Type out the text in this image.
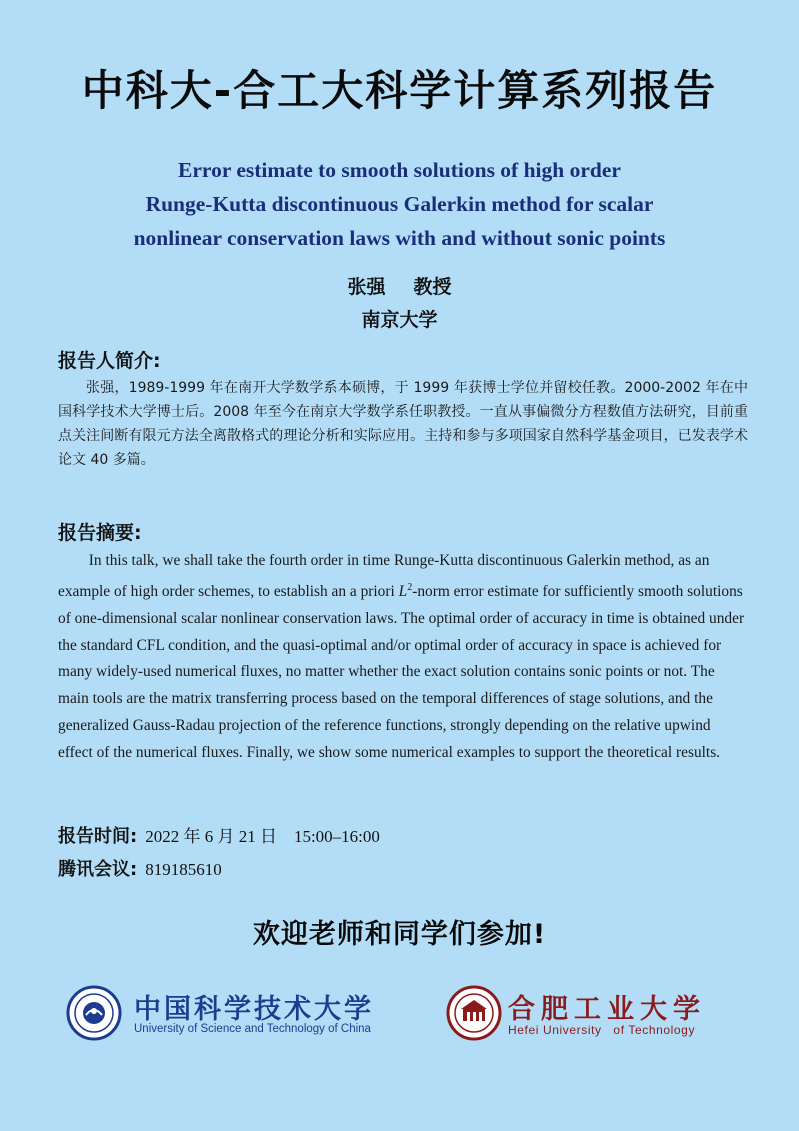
中科大-合工大科学计算系列报告
Error estimate to smooth solutions of high order
Runge-Kutta discontinuous Galerkin method for scalar
nonlinear conservation laws with and without sonic points
张强 教授
南京大学
报告人简介:

张强，1989-1999 年在南开大学数学系本硕博，于 1999 年获博士学位并留校任教。2000-2002 年在中国科学技术大学博士后。2008 年至今在南京大学数学系任职教授。一直从事偏微分方程数值方法研究，目前重点关注间断有限元方法全离散格式的理论分析和实际应用。主持和参与多项国家自然科学基金项目，已发表学术论文 40 多篇。

报告摘要:

In this talk, we shall take the fourth order in time Runge-Kutta discontinuous Galerkin method, as an example of high order schemes, to establish an a priori $L^2$-norm error estimate for sufficiently smooth solutions of one-dimensional scalar nonlinear conservation laws. The optimal order of accuracy in time is obtained under the standard CFL condition, and the quasi-optimal and/or optimal order of accuracy in space is achieved for many widely-used numerical fluxes, no matter whether the exact solution contains sonic points or not. The main tools are the matrix transferring process based on the temporal differences of stage solutions, and the generalized Gauss-Radau projection of the reference functions, strongly depending on the relative upwind effect of the numerical fluxes. Finally, we show some numerical examples to support the theoretical results.

报告时间: 2022 年 6 月 21 日    15:00–16:00
腾讯会议: 819185610
欢迎老师和同学们参加!
中国科学技术大学
University of Science and Technology of China
合肥工业大学
Hefei University   of Technology
